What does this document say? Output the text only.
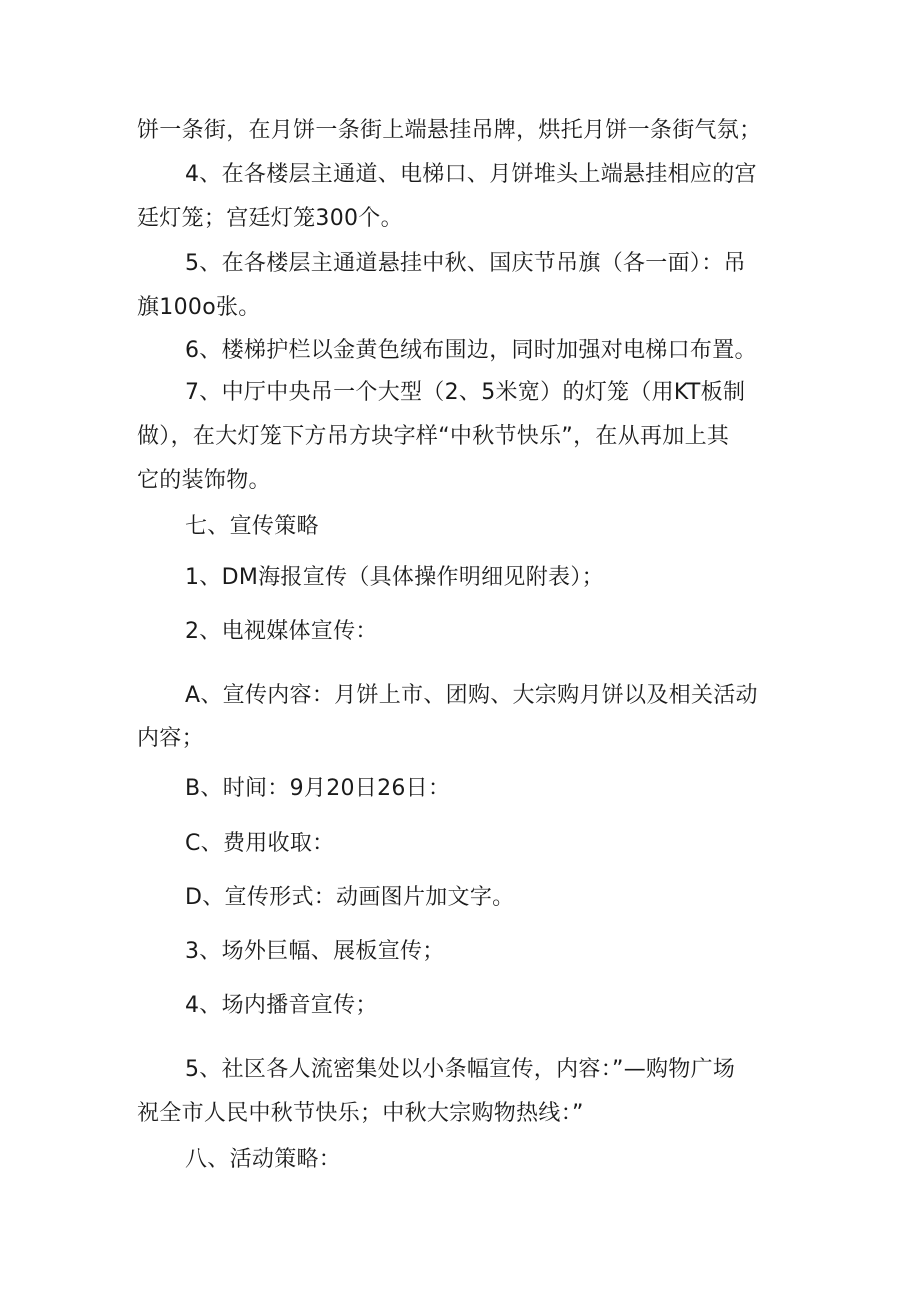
饼一条街，在月饼一条街上端悬挂吊牌，烘托月饼一条街气氛；
4、在各楼层主通道、电梯口、月饼堆头上端悬挂相应的宫
廷灯笼；宫廷灯笼300个。
5、在各楼层主通道悬挂中秋、国庆节吊旗（各一面）：吊
旗100o张。
6、楼梯护栏以金黄色绒布围边，同时加强对电梯口布置。
7、中厅中央吊一个大型（2、5米宽）的灯笼（用KT板制
做），在大灯笼下方吊方块字样“中秋节快乐”，在从再加上其
它的装饰物。
七、宣传策略
1、DM海报宣传（具体操作明细见附表）；
2、电视媒体宣传：
A、宣传内容：月饼上市、团购、大宗购月饼以及相关活动
内容；
B、时间：9月20日26日：
C、费用收取：
D、宣传形式：动画图片加文字。
3、场外巨幅、展板宣传；
4、场内播音宣传；
5、社区各人流密集处以小条幅宣传，内容：”—购物广场
祝全市人民中秋节快乐；中秋大宗购物热线：”
八、活动策略：
